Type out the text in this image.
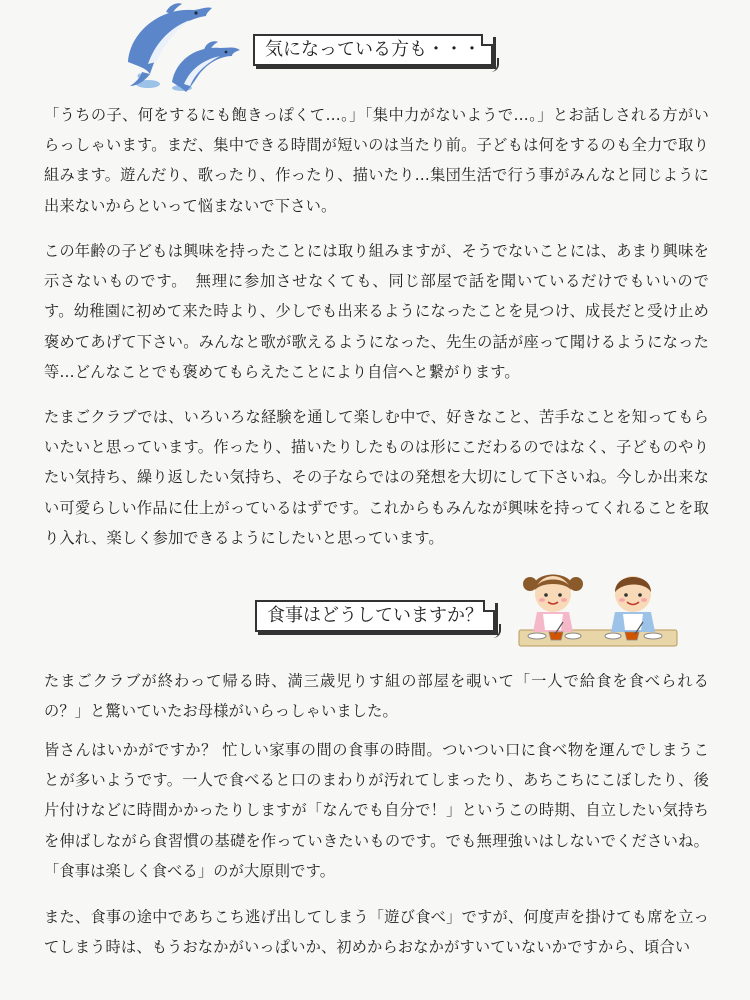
気になっている方も・・・

「うちの子、何をするにも飽きっぽくて…。」「集中力がないようで…。」とお話しされる方がいらっしゃいます。まだ、集中できる時間が短いのは当たり前。子どもは何をするのも全力で取り組みます。遊んだり、歌ったり、作ったり、描いたり…集団生活で行う事がみんなと同じように出来ないからといって悩まないで下さい。

この年齢の子どもは興味を持ったことには取り組みますが、そうでないことには、あまり興味を示さないものです。　無理に参加させなくても、同じ部屋で話を聞いているだけでもいいのです。幼稚園に初めて来た時より、少しでも出来るようになったことを見つけ、成長だと受け止め褒めてあげて下さい。みんなと歌が歌えるようになった、先生の話が座って聞けるようになった等…どんなことでも褒めてもらえたことにより自信へと繋がります。

たまごクラブでは、いろいろな経験を通して楽しむ中で、好きなこと、苦手なことを知ってもらいたいと思っています。作ったり、描いたりしたものは形にこだわるのではなく、子どものやりたい気持ち、繰り返したい気持ち、その子ならではの発想を大切にして下さいね。今しか出来ない可愛らしい作品に仕上がっているはずです。これからもみんなが興味を持ってくれることを取り入れ、楽しく参加できるようにしたいと思っています。

食事はどうしていますか？

たまごクラブが終わって帰る時、満三歳児りす組の部屋を覗いて「一人で給食を食べられるの？」と驚いていたお母様がいらっしゃいました。

皆さんはいかがですか？ 忙しい家事の間の食事の時間。ついつい口に食べ物を運んでしまうことが多いようです。一人で食べると口のまわりが汚れてしまったり、あちこちにこぼしたり、後片付けなどに時間かかったりしますが「なんでも自分で！」というこの時期、自立したい気持ちを伸ばしながら食習慣の基礎を作っていきたいものです。でも無理強いはしないでくださいね。「食事は楽しく食べる」のが大原則です。

また、食事の途中であちこち逃げ出してしまう「遊び食べ」ですが、何度声を掛けても席を立ってしまう時は、もうおなかがいっぱいか、初めからおなかがすいていないかですから、頃合い
